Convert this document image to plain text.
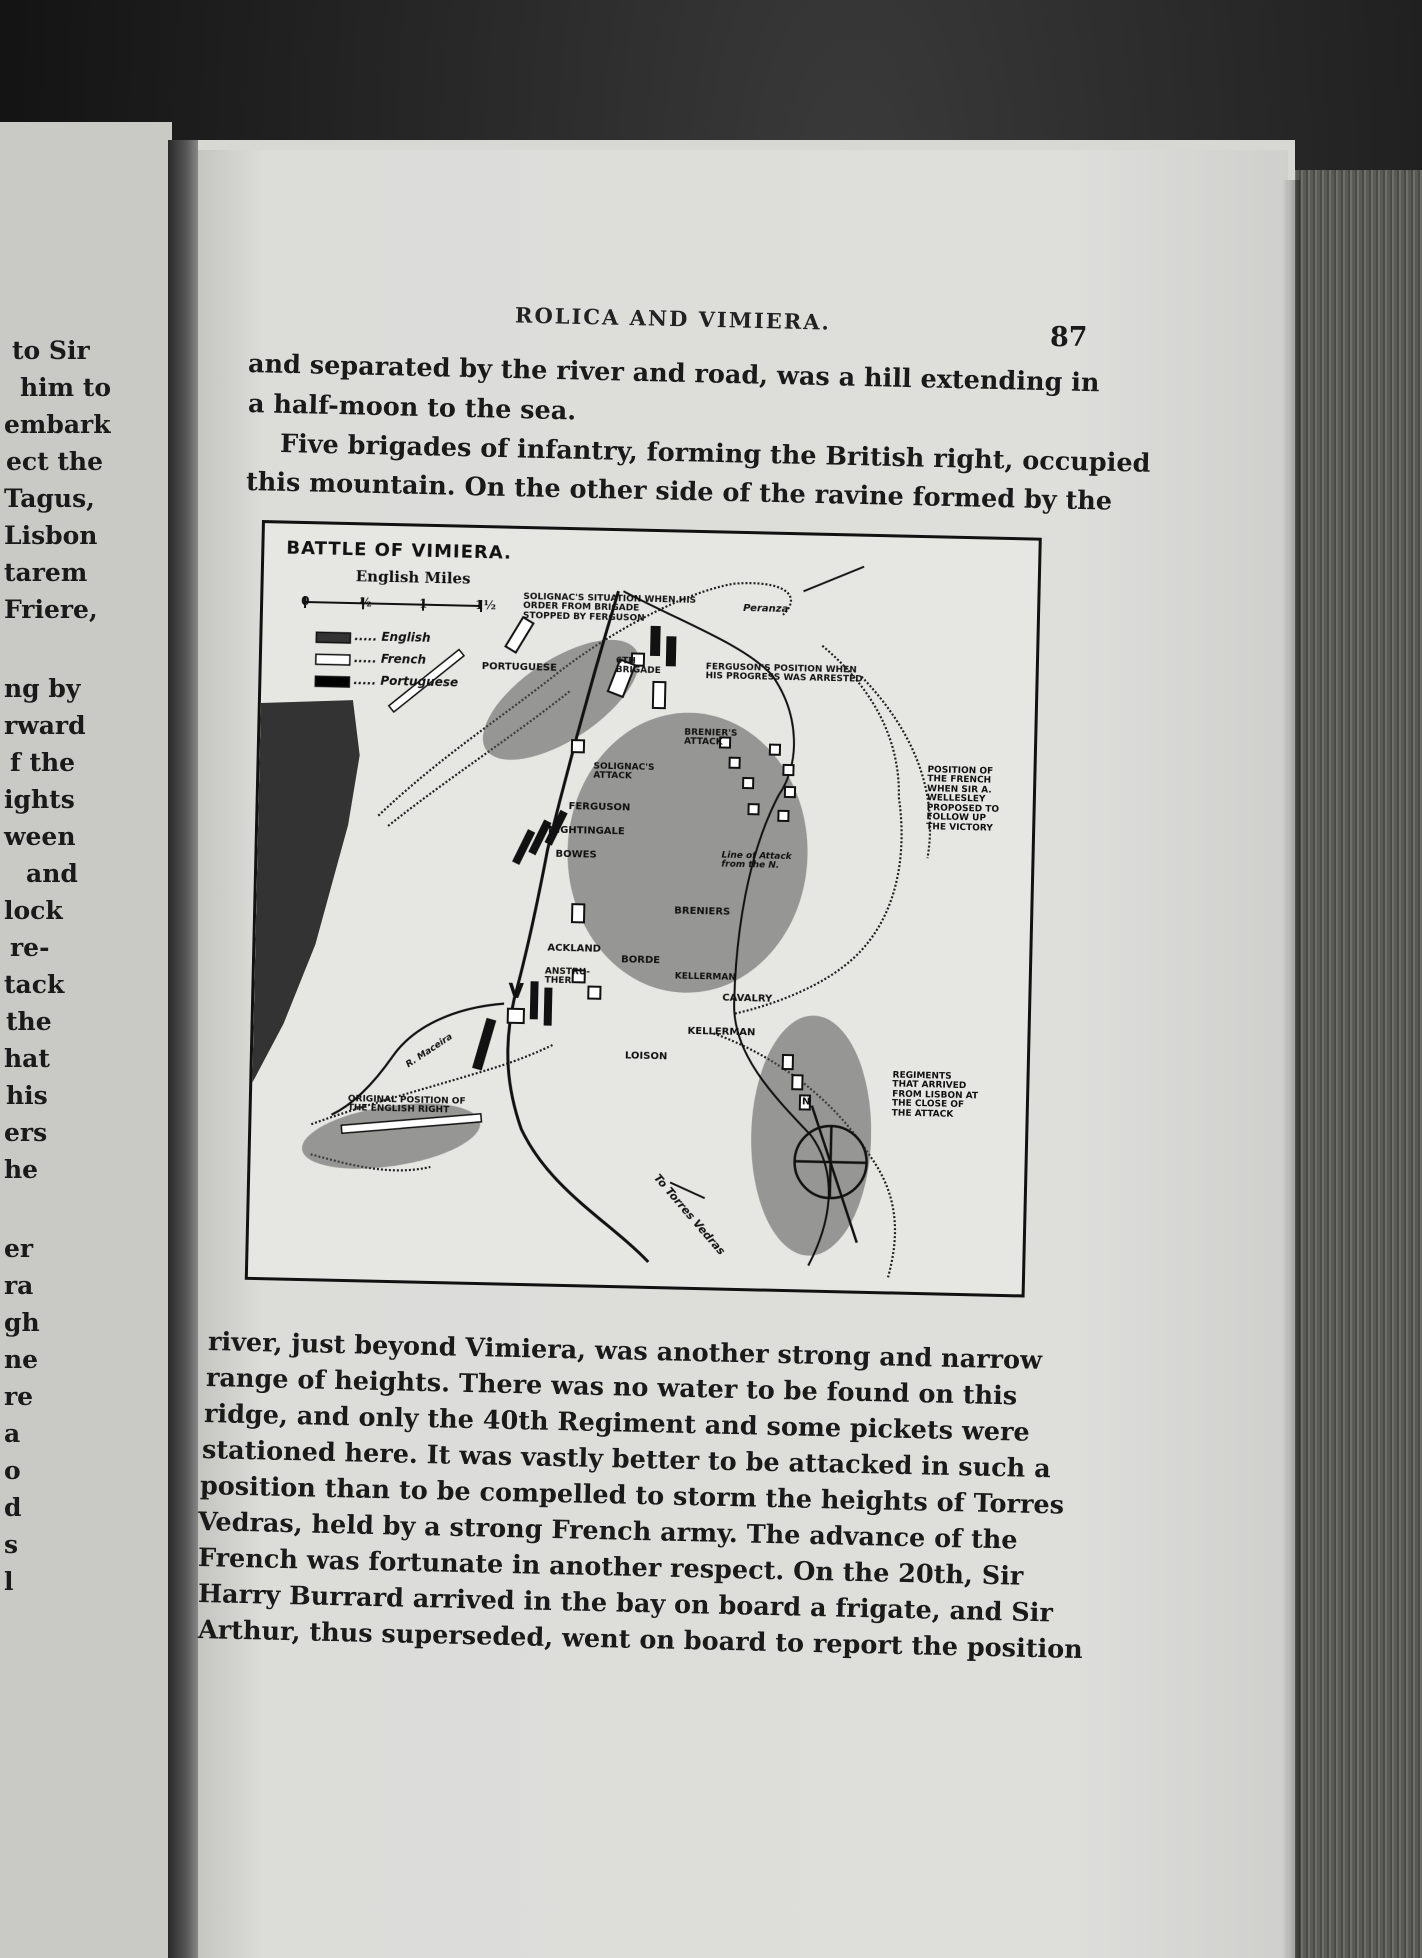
to Sir
him to
embark
ect the
Tagus,
Lisbon
tarem
Friere,
ng by
rward
f the
ights
ween
and
lock
re-
tack
the
hat
his
ers
he
er
ra
gh
ne
re
a
o
d
s
l
ROLICA AND VIMIERA.
87
and separated by the river and road, was a hill extending in
a half-moon to the sea.
Five brigades of infantry, forming the British right, occupied
this mountain. On the other side of the ravine formed by the
BATTLE OF VIMIERA.
English Miles
0	½	1	1½
..... English
..... French
..... Portuguese
SOLIGNAC'S SITUATION WHEN HIS
ORDER FROM BRIGADE
STOPPED BY FERGUSON
Peranza
PORTUGUESE	6TH
BRIGADE	FERGUSON'S POSITION WHEN
HIS PROGRESS WAS ARRESTED
BRENIER'S
ATTACK
SOLIGNAC'S
ATTACK	POSITION OF
THE FRENCH
WHEN SIR A.
WELLESLEY
PROPOSED TO
FOLLOW UP
THE VICTORY
FERGUSON
NIGHTINGALE
BOWES	Line of Attack
from the N.
BRENIERS
ACKLAND
ANSTRU-
THER
V
BORDE
KELLERMAN
CAVALRY
KELLERMAN
LOISON
R. Maceira
ORIGINAL POSITION OF
THE ENGLISH RIGHT
REGIMENTS
THAT ARRIVED
FROM LISBON AT
THE CLOSE OF
THE ATTACK
To Torres Vedras
N
river, just beyond Vimiera, was another strong and narrow
range of heights. There was no water to be found on this
ridge, and only the 40th Regiment and some pickets were
stationed here. It was vastly better to be attacked in such a
position than to be compelled to storm the heights of Torres
Vedras, held by a strong French army. The advance of the
French was fortunate in another respect. On the 20th, Sir
Harry Burrard arrived in the bay on board a frigate, and Sir
Arthur, thus superseded, went on board to report the position
